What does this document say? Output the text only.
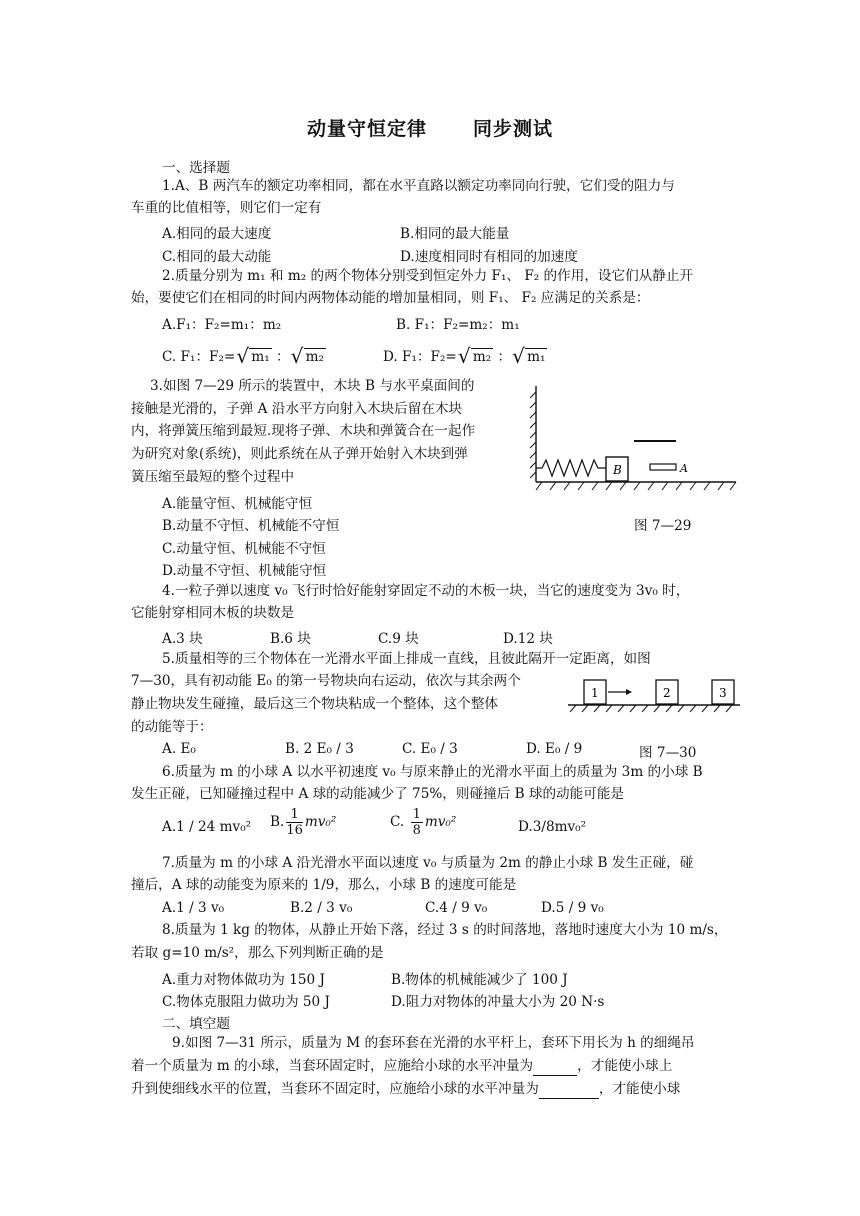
动量守恒定律 同步测试
一、选择题
1.A、B 两汽车的额定功率相同，都在水平直路以额定功率同向行驶，它们受的阻力与
车重的比值相等，则它们一定有
A.相同的最大速度	B.相同的最大能量
C.相同的最大动能	D.速度相同时有相同的加速度
2.质量分别为 m₁ 和 m₂ 的两个物体分别受到恒定外力 F₁、 F₂ 的作用，设它们从静止开
始，要使它们在相同的时间内两物体动能的增加量相同，则 F₁、 F₂ 应满足的关系是：
A.F₁：F₂=m₁：m₂	B. F₁：F₂=m₂：m₁
C. F₁：F₂= √ m₁ ： √ m₂	D. F₁：F₂= √ m₂ ： √ m₁
3.如图 7—29 所示的装置中，木块 B 与水平桌面间的
接触是光滑的，子弹 A 沿水平方向射入木块后留在木块
内，将弹簧压缩到最短.现将子弹、木块和弹簧合在一起作
为研究对象(系统)，则此系统在从子弹开始射入木块到弹
簧压缩至最短的整个过程中
A.能量守恒、机械能守恒
B.动量不守恒、机械能不守恒
C.动量守恒、机械能不守恒
D.动量不守恒、机械能守恒
B	A
图 7—29
4.一粒子弹以速度 v₀ 飞行时恰好能射穿固定不动的木板一块，当它的速度变为 3v₀ 时，
它能射穿相同木板的块数是
A.3 块	B.6 块	C.9 块	D.12 块
5.质量相等的三个物体在一光滑水平面上排成一直线，且彼此隔开一定距离，如图
7—30，具有初动能 E₀ 的第一号物块向右运动，依次与其余两个
静止物块发生碰撞，最后这三个物块粘成一个整体，这个整体
的动能等于：
A. E₀	B. 2 E₀ / 3	C. E₀ / 3	D. E₀ / 9	图 7—30
1	2	3
6.质量为 m 的小球 A 以水平初速度 v₀ 与原来静止的光滑水平面上的质量为 3m 的小球 B
发生正碰，已知碰撞过程中 A 球的动能减少了 75%，则碰撞后 B 球的动能可能是
A.1 / 24 mv₀² B. $\frac{1}{16} mv_0^2$	C. $\frac{1}{8} mv_0^2$	D.3/8mv₀²
7.质量为 m 的小球 A 沿光滑水平面以速度 v₀ 与质量为 2m 的静止小球 B 发生正碰，碰
撞后，A 球的动能变为原来的 1/9，那么，小球 B 的速度可能是
A.1 / 3 v₀	B.2 / 3 v₀	C.4 / 9 v₀	D.5 / 9 v₀
8.质量为 1 kg 的物体，从静止开始下落，经过 3 s 的时间落地，落地时速度大小为 10 m/s，
若取 g=10 m/s²，那么下列判断正确的是
A.重力对物体做功为 150 J	B.物体的机械能减少了 100 J
C.物体克服阻力做功为 50 J	D.阻力对物体的冲量大小为 20 N·s
二、填空题
9.如图 7—31 所示，质量为 M 的套环套在光滑的水平杆上，套环下用长为 h 的细绳吊
着一个质量为 m 的小球，当套环固定时，应施给小球的水平冲量为	，才能使小球上
升到使细线水平的位置，当套环不固定时，应施给小球的水平冲量为	，才能使小球
